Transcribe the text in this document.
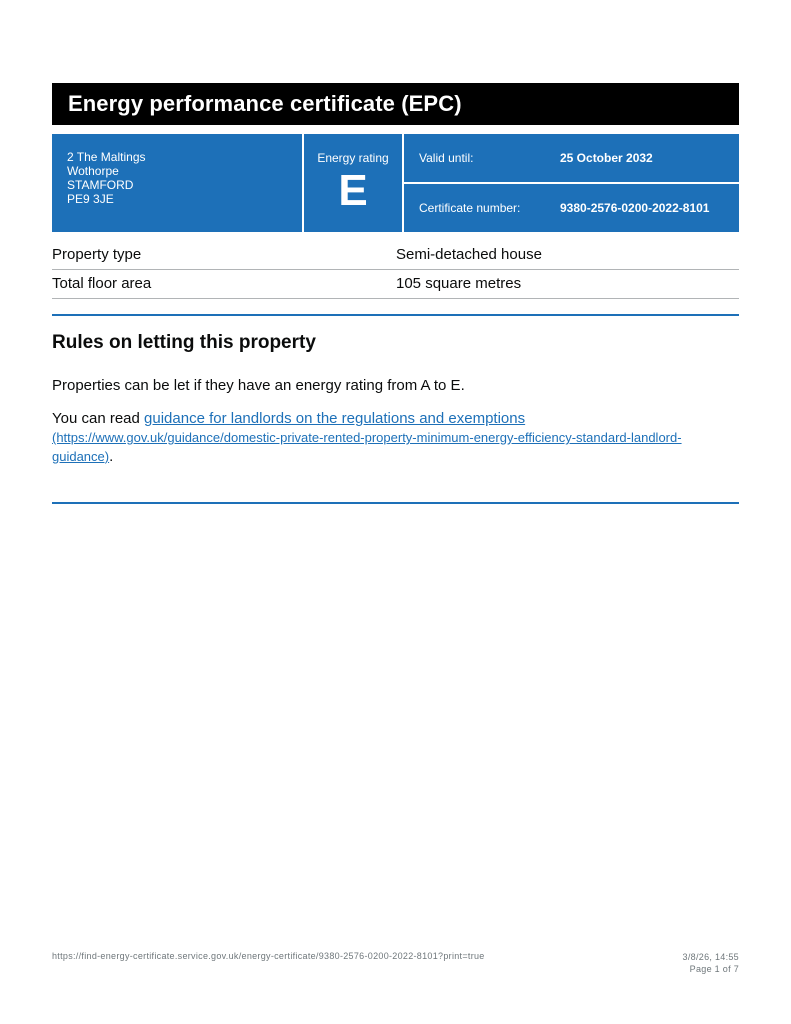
Energy performance certificate (EPC)
2 The Maltings
Wothorpe
STAMFORD
PE9 3JE
Energy rating
E
Valid until:	25 October 2032
Certificate number:	9380-2576-0200-2022-8101
Property type	Semi-detached house
Total floor area	105 square metres
Rules on letting this property

Properties can be let if they have an energy rating from A to E.

You can read guidance for landlords on the regulations and exemptions
(https://www.gov.uk/guidance/domestic-private-rented-property-minimum-energy-efficiency-standard-landlord-guidance).

https://find-energy-certificate.service.gov.uk/energy-certificate/9380-2576-0200-2022-8101?print=true	3/8/26, 14:55
Page 1 of 7
